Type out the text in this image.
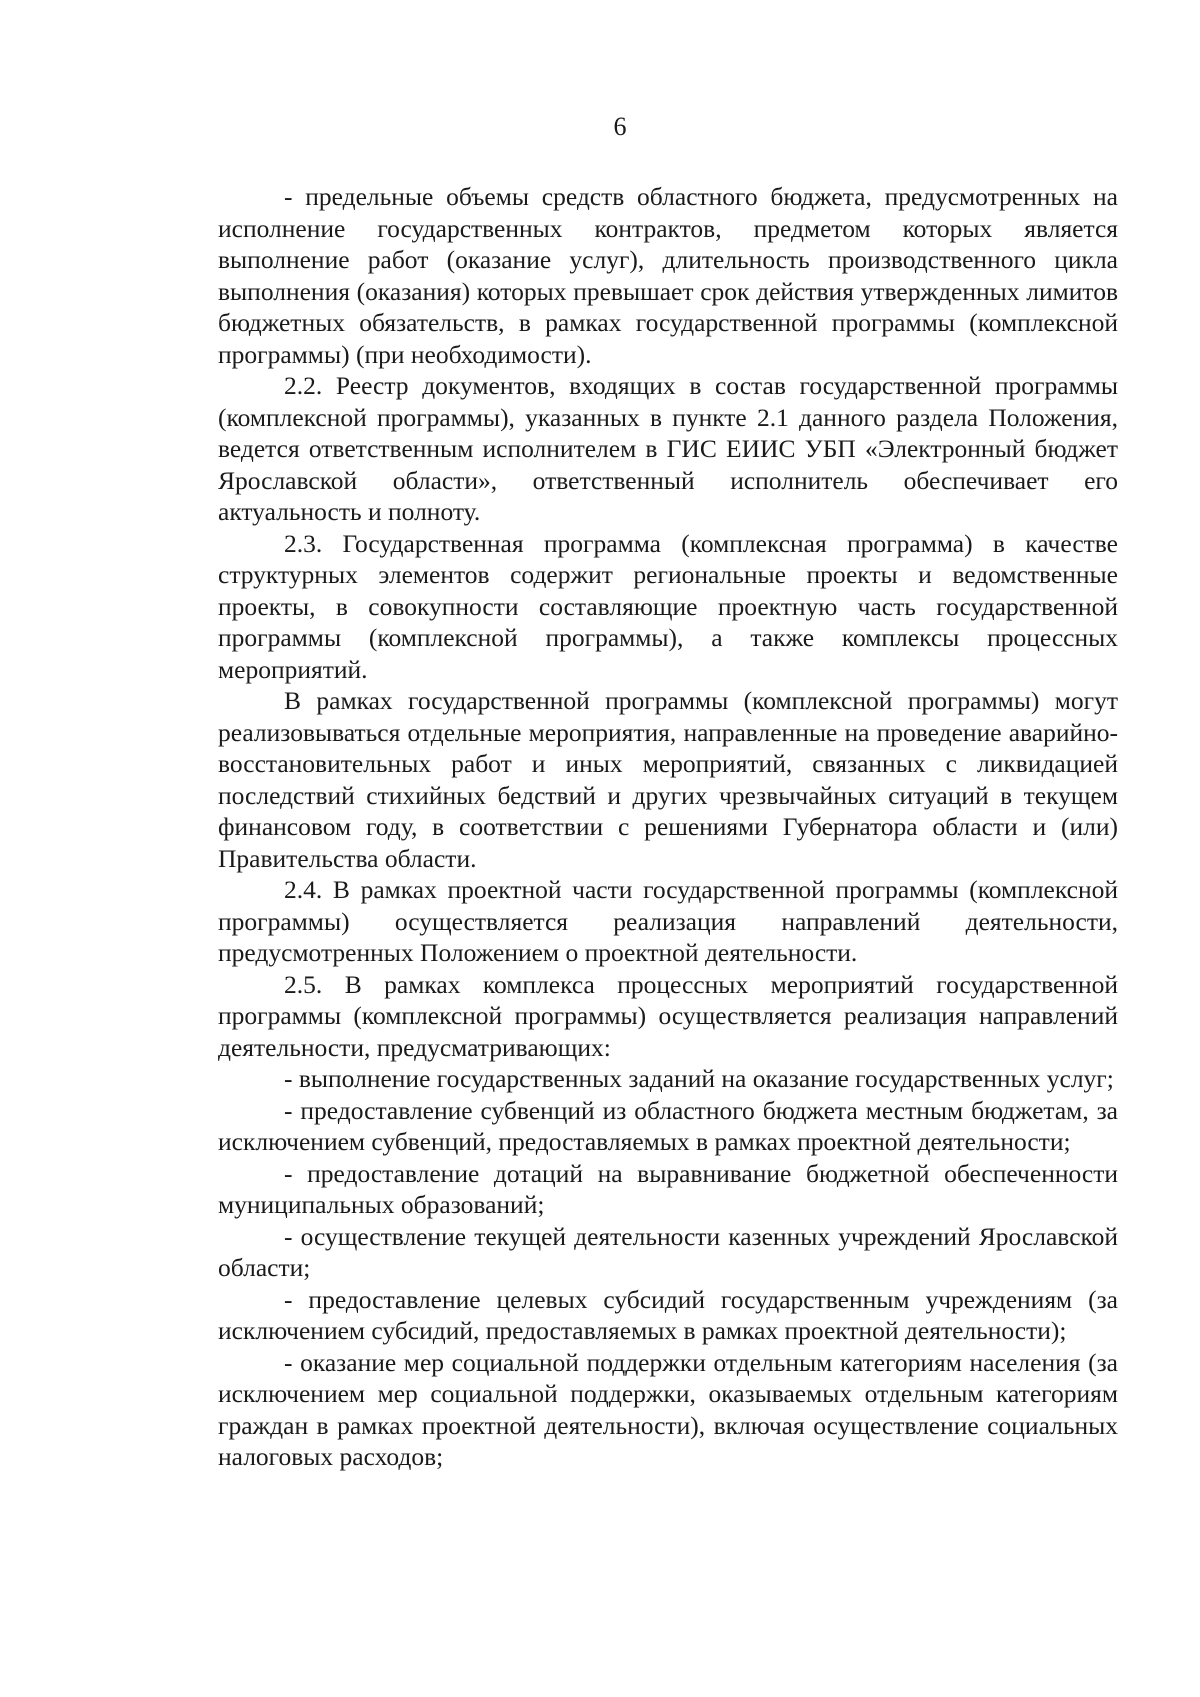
6

- предельные объемы средств областного бюджета, предусмотренных на исполнение государственных контрактов, предметом которых является выполнение работ (оказание услуг), длительность производственного цикла выполнения (оказания) которых превышает срок действия утвержденных лимитов бюджетных обязательств, в рамках государственной программы (комплексной программы) (при необходимости).

2.2. Реестр документов, входящих в состав государственной программы (комплексной программы), указанных в пункте 2.1 данного раздела Положения, ведется ответственным исполнителем в ГИС ЕИИС УБП «Электронный бюджет Ярославской области», ответственный исполнитель обеспечивает его актуальность и полноту.

2.3. Государственная программа (комплексная программа) в качестве структурных элементов содержит региональные проекты и ведомственные проекты, в совокупности составляющие проектную часть государственной программы (комплексной программы), а также комплексы процессных мероприятий.

В рамках государственной программы (комплексной программы) могут реализовываться отдельные мероприятия, направленные на проведение аварийно-восстановительных работ и иных мероприятий, связанных с ликвидацией последствий стихийных бедствий и других чрезвычайных ситуаций в текущем финансовом году, в соответствии с решениями Губернатора области и (или) Правительства области.

2.4. В рамках проектной части государственной программы (комплексной программы) осуществляется реализация направлений деятельности, предусмотренных Положением о проектной деятельности.

2.5. В рамках комплекса процессных мероприятий государственной программы (комплексной программы) осуществляется реализация направлений деятельности, предусматривающих:

- выполнение государственных заданий на оказание государственных услуг;

- предоставление субвенций из областного бюджета местным бюджетам, за исключением субвенций, предоставляемых в рамках проектной деятельности;

- предоставление дотаций на выравнивание бюджетной обеспеченности муниципальных образований;

- осуществление текущей деятельности казенных учреждений Ярославской области;

- предоставление целевых субсидий государственным учреждениям (за исключением субсидий, предоставляемых в рамках проектной деятельности);

- оказание мер социальной поддержки отдельным категориям населения (за исключением мер социальной поддержки, оказываемых отдельным категориям граждан в рамках проектной деятельности), включая осуществление социальных налоговых расходов;
